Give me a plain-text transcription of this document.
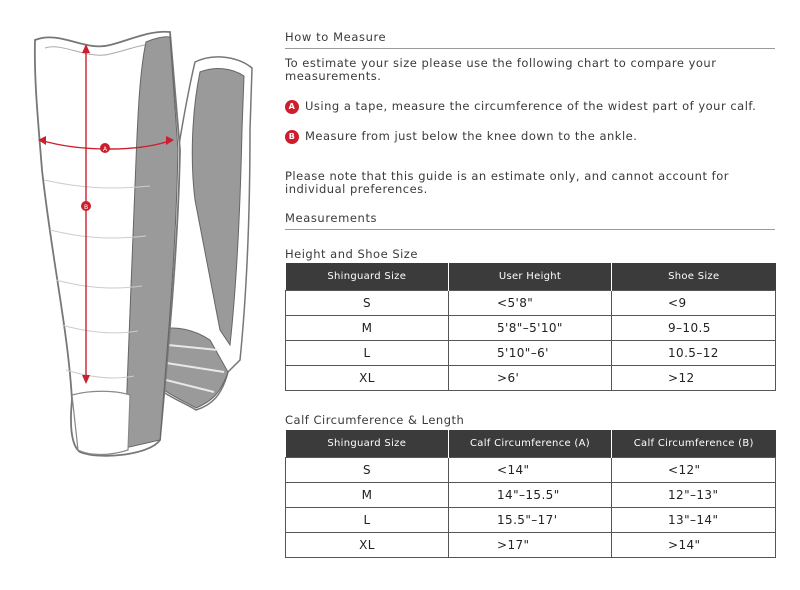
B
A
How to Measure
To estimate your size please use the following chart to compare your measurements.
A Using a tape, measure the circumference of the widest part of your calf.
B Measure from just below the knee down to the ankle.
Please note that this guide is an estimate only, and cannot account for individual preferences.
Measurements
Height and Shoe Size
Shinguard Size	User Height	Shoe Size
S	<5'8"	<9
M	5'8"–5'10"	9–10.5
L	5'10"–6'	10.5–12
XL	>6'	>12
Calf Circumference & Length
Shinguard Size	Calf Circumference (A)	Calf Circumference (B)
S	<14"	<12"
M	14"–15.5"	12"–13"
L	15.5"–17'	13"–14"
XL	>17"	>14"
